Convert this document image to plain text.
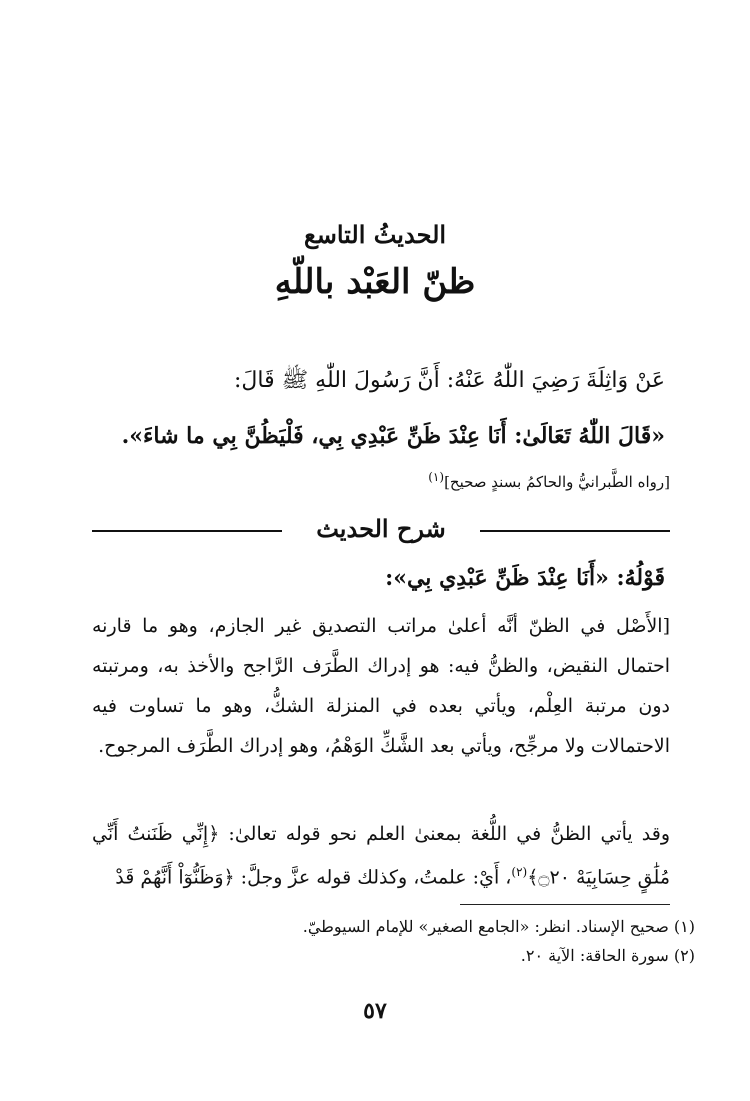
الحديثُ التاسع
ظنّ العَبْد باللّهِ
عَنْ وَاثِلَةَ رَضِيَ اللّٰهُ عَنْهُ: أَنَّ رَسُولَ اللّٰهِ ﷺ قَالَ:
«قَالَ اللّٰهُ تَعَالَىٰ: أَنَا عِنْدَ ظَنِّ عَبْدِي بِي، فَلْيَظُنَّ بِي ما شاءَ».
[رواه الطَّبرانيُّ والحاكمُ بسندٍ صحيح]$^{(١)}$
شرح الحديث
قَوْلُهُ: «أَنَا عِنْدَ ظَنِّ عَبْدِي بِي»:
[الأَصْل في الظنّ أنَّه أعلىٰ مراتب التصديق غير الجازم، وهو ما قارنه احتمال النقيض، والظنُّ فيه: هو إدراك الطَّرَف الرَّاجح والأخذ به، ومرتبته دون مرتبة العِلْم، ويأتي بعده في المنزلة الشكُّ، وهو ما تساوت فيه الاحتمالات ولا مرجِّح، ويأتي بعد الشَّكِّ الوَهْمُ، وهو إدراك الطَّرَف المرجوح.
وقد يأتي الظنُّ في اللُّغة بمعنىٰ العلم نحو قوله تعالىٰ: ﴿إِنِّي ظَنَنتُ أَنِّي مُلَٰقٍ حِسَابِيَهْ ۝٢٠﴾$^{(٢)}$، أَيْ: علمتُ، وكذلك قوله عزَّ وجلَّ: ﴿وَظَنُّوٓاْ أَنَّهُمْ قَدْ
(١) صحيح الإسناد. انظر: «الجامع الصغير» للإمام السيوطيّ.
(٢) سورة الحاقة: الآية ٢٠.
٥٧
